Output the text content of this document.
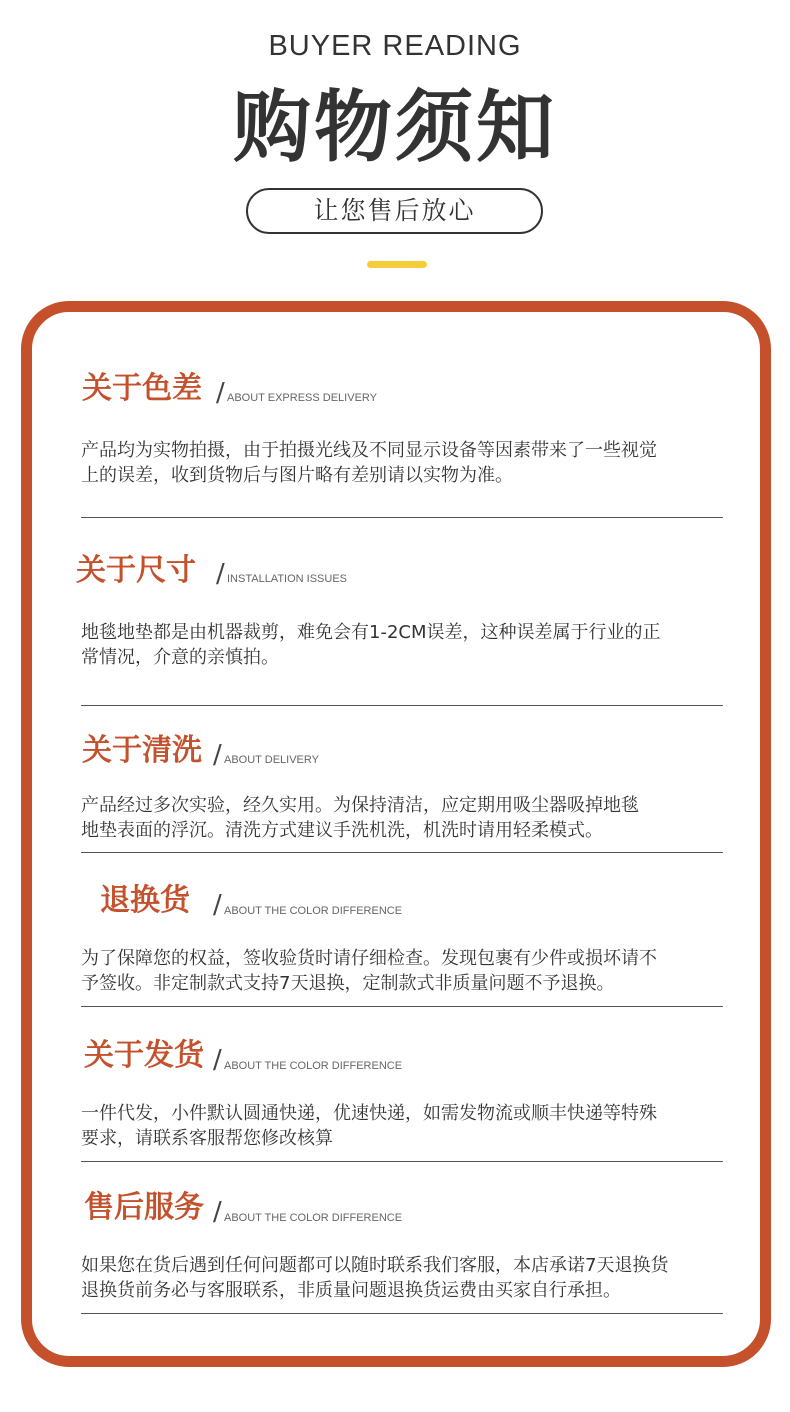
BUYER READING
购物须知
让您售后放心
关于色差 / ABOUT EXPRESS DELIVERY
产品均为实物拍摄，由于拍摄光线及不同显示设备等因素带来了一些视觉
上的误差，收到货物后与图片略有差别请以实物为准。
关于尺寸 / INSTALLATION ISSUES
地毯地垫都是由机器裁剪，难免会有1-2CM误差，这种误差属于行业的正
常情况，介意的亲慎拍。
关于清洗 / ABOUT DELIVERY
产品经过多次实验，经久实用。为保持清洁，应定期用吸尘器吸掉地毯
地垫表面的浮沉。清洗方式建议手洗机洗，机洗时请用轻柔模式。
退换货 / ABOUT THE COLOR DIFFERENCE
为了保障您的权益，签收验货时请仔细检查。发现包裹有少件或损坏请不
予签收。非定制款式支持7天退换，定制款式非质量问题不予退换。
关于发货 / ABOUT THE COLOR DIFFERENCE
一件代发，小件默认圆通快递，优速快递，如需发物流或顺丰快递等特殊
要求，请联系客服帮您修改核算
售后服务 / ABOUT THE COLOR DIFFERENCE
如果您在货后遇到任何问题都可以随时联系我们客服，本店承诺7天退换货
退换货前务必与客服联系，非质量问题退换货运费由买家自行承担。
